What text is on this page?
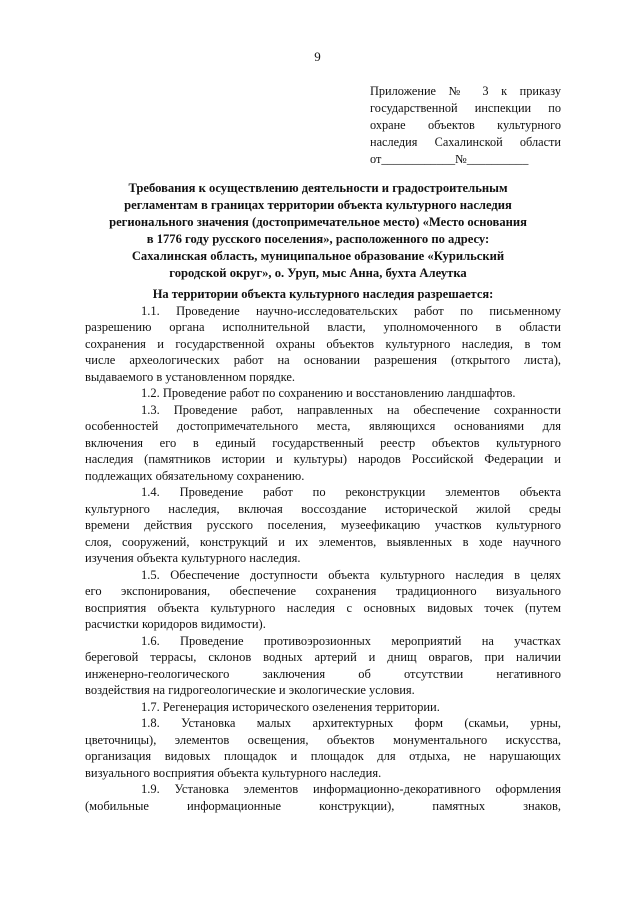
9
Приложение № 3 к приказу
государственной инспекции по
охране объектов культурного
наследия Сахалинской области
от____________№__________
Требования к осуществлению деятельности и градостроительным
регламентам в границах территории объекта культурного наследия
регионального значения (достопримечательное место) «Место основания
в 1776 году русского поселения», расположенного по адресу:
Сахалинская область, муниципальное образование «Курильский
городской округ», о. Уруп, мыс Анна, бухта Алеутка
На территории объекта культурного наследия разрешается:
1.1. Проведение научно-исследовательских работ по письменному
разрешению органа исполнительной власти, уполномоченного в области
сохранения и государственной охраны объектов культурного наследия, в том
числе археологических работ на основании разрешения (открытого листа),
выдаваемого в установленном порядке.
1.2. Проведение работ по сохранению и восстановлению ландшафтов.
1.3. Проведение работ, направленных на обеспечение сохранности
особенностей достопримечательного места, являющихся основаниями для
включения его в единый государственный реестр объектов культурного
наследия (памятников истории и культуры) народов Российской Федерации и
подлежащих обязательному сохранению.
1.4. Проведение работ по реконструкции элементов объекта
культурного наследия, включая воссоздание исторической жилой среды
времени действия русского поселения, музеефикацию участков культурного
слоя, сооружений, конструкций и их элементов, выявленных в ходе научного
изучения объекта культурного наследия.
1.5. Обеспечение доступности объекта культурного наследия в целях
его экспонирования, обеспечение сохранения традиционного визуального
восприятия объекта культурного наследия с основных видовых точек (путем
расчистки коридоров видимости).
1.6. Проведение противоэрозионных мероприятий на участках
береговой террасы, склонов водных артерий и днищ оврагов, при наличии
инженерно-геологического заключения об отсутствии негативного
воздействия на гидрогеологические и экологические условия.
1.7. Регенерация исторического озеленения территории.
1.8. Установка малых архитектурных форм (скамьи, урны,
цветочницы), элементов освещения, объектов монументального искусства,
организация видовых площадок и площадок для отдыха, не нарушающих
визуального восприятия объекта культурного наследия.
1.9. Установка элементов информационно-декоративного оформления
(мобильные информационные конструкции), памятных знаков,
